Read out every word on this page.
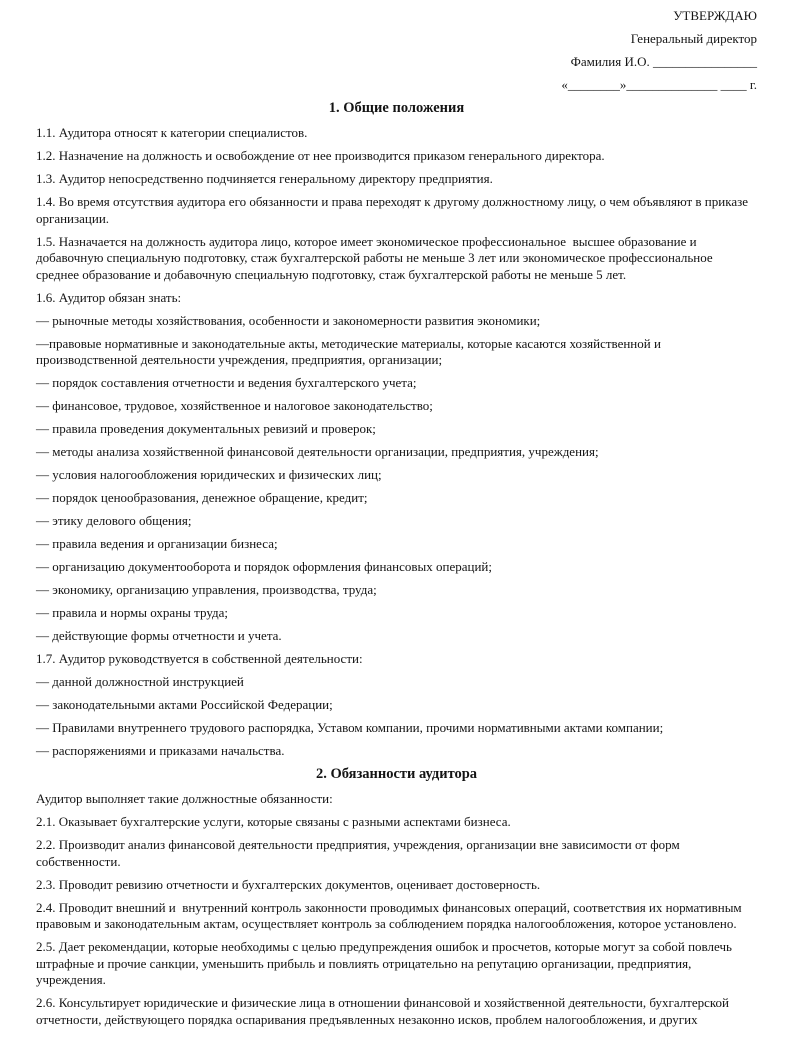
УТВЕРЖДАЮ
Генеральный директор
Фамилия И.О. ________________
«________»______________ ____ г.
1. Общие положения

1.1. Аудитора относят к категории специалистов.

1.2. Назначение на должность и освобождение от нее производится приказом генерального директора.

1.3. Аудитор непосредственно подчиняется генеральному директору предприятия.

1.4. Во время отсутствия аудитора его обязанности и права переходят к другому должностному лицу, о чем объявляют в приказе организации.

1.5. Назначается на должность аудитора лицо, которое имеет экономическое профессиональное  высшее образование и добавочную специальную подготовку, стаж бухгалтерской работы не меньше 3 лет или экономическое профессиональное среднее образование и добавочную специальную подготовку, стаж бухгалтерской работы не меньше 5 лет.

1.6. Аудитор обязан знать:

— рыночные методы хозяйствования, особенности и закономерности развития экономики;

—правовые нормативные и законодательные акты, методические материалы, которые касаются хозяйственной и производственной деятельности учреждения, предприятия, организации;

— порядок составления отчетности и ведения бухгалтерского учета;

— финансовое, трудовое, хозяйственное и налоговое законодательство;

— правила проведения документальных ревизий и проверок;

— методы анализа хозяйственной финансовой деятельности организации, предприятия, учреждения;

— условия налогообложения юридических и физических лиц;

— порядок ценообразования, денежное обращение, кредит;

— этику делового общения;

— правила ведения и организации бизнеса;

— организацию документооборота и порядок оформления финансовых операций;

— экономику, организацию управления, производства, труда;

— правила и нормы охраны труда;

— действующие формы отчетности и учета.

1.7. Аудитор руководствуется в собственной деятельности:

— данной должностной инструкцией

— законодательными актами Российской Федерации;

— Правилами внутреннего трудового распорядка, Уставом компании, прочими нормативными актами компании;

— распоряжениями и приказами начальства.

2. Обязанности аудитора

Аудитор выполняет такие должностные обязанности:

2.1. Оказывает бухгалтерские услуги, которые связаны с разными аспектами бизнеса.

2.2. Производит анализ финансовой деятельности предприятия, учреждения, организации вне зависимости от форм собственности.

2.3. Проводит ревизию отчетности и бухгалтерских документов, оценивает достоверность.

2.4. Проводит внешний и  внутренний контроль законности проводимых финансовых операций, соответствия их нормативным правовым и законодательным актам, осуществляет контроль за соблюдением порядка налогообложения, которое установлено.

2.5. Дает рекомендации, которые необходимы с целью предупреждения ошибок и просчетов, которые могут за собой повлечь штрафные и прочие санкции, уменьшить прибыль и повлиять отрицательно на репутацию организации, предприятия, учреждения.

2.6. Консультирует юридические и физические лица в отношении финансовой и хозяйственной деятельности, бухгалтерской отчетности, действующего порядка оспаривания предъявленных незаконно исков, проблем налогообложения, и других
